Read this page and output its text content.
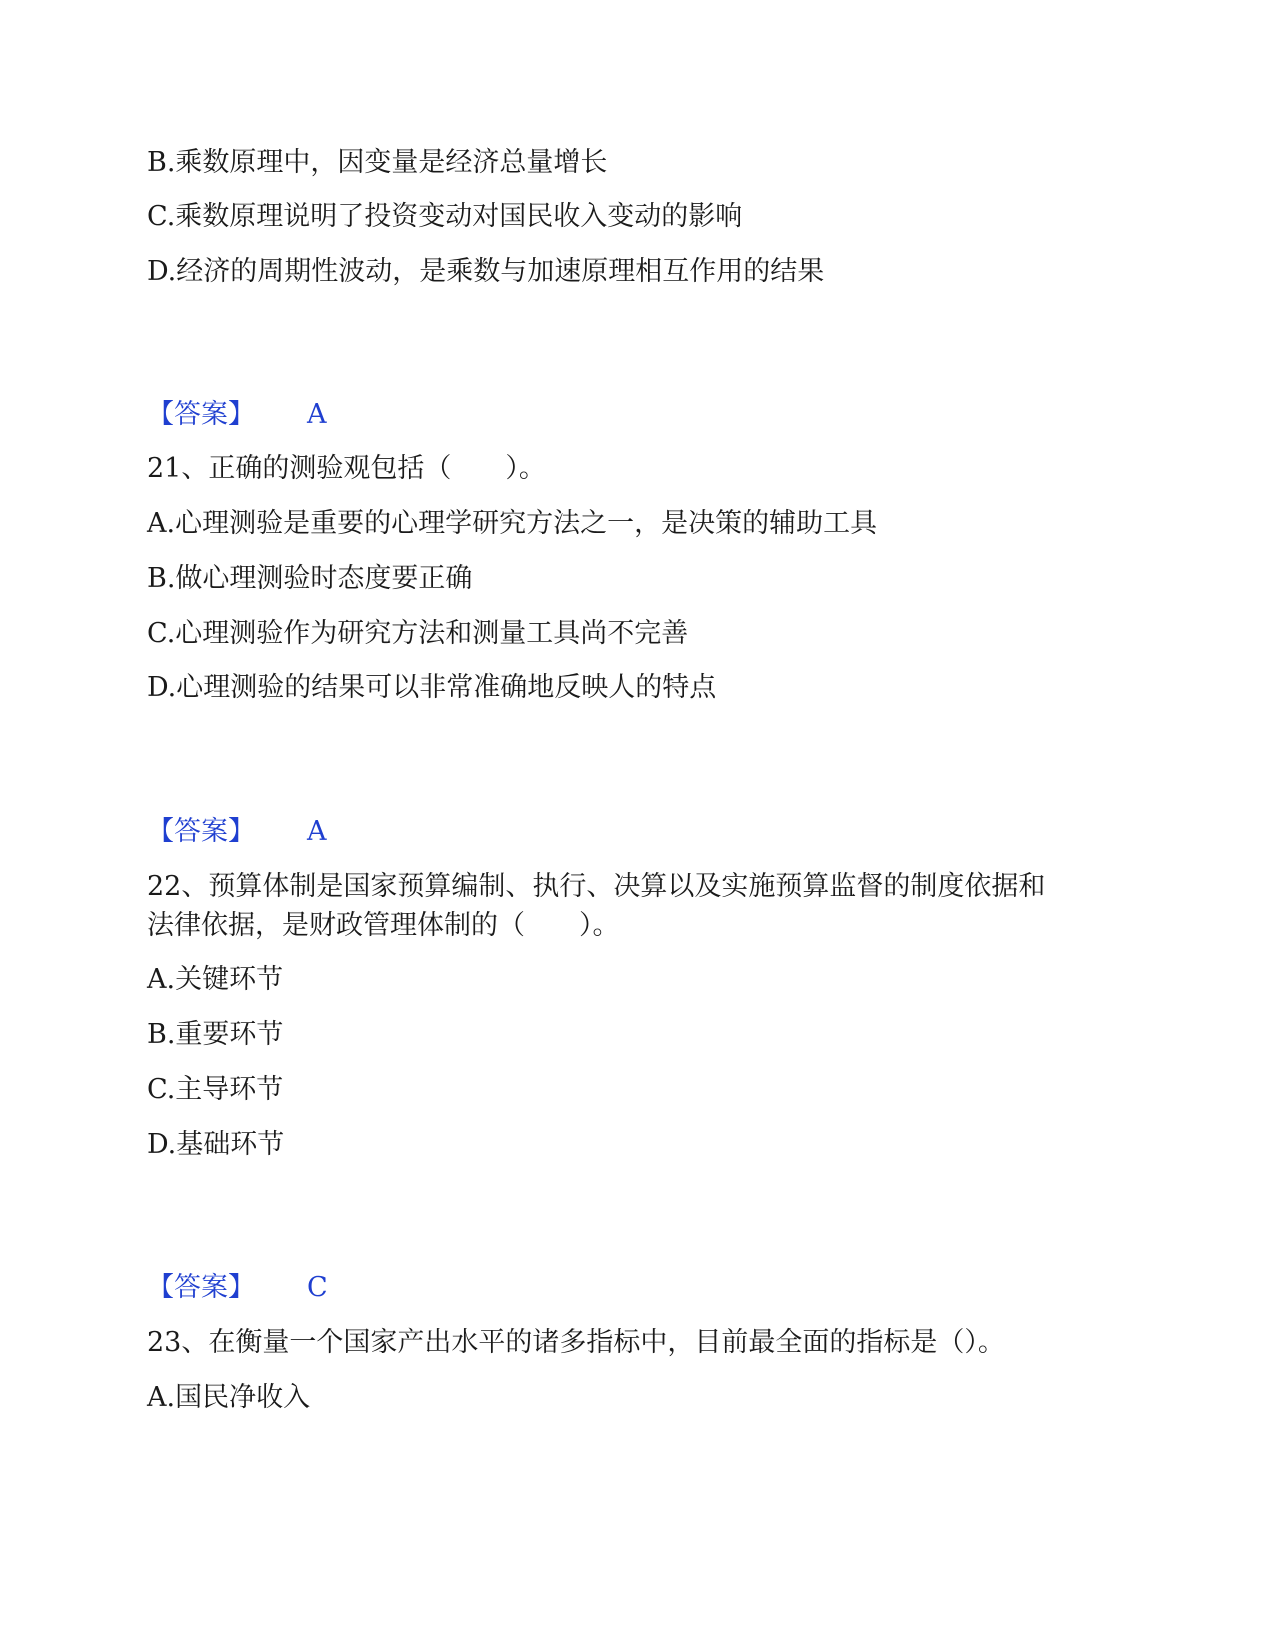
B.乘数原理中，因变量是经济总量增长
C.乘数原理说明了投资变动对国民收入变动的影响
D.经济的周期性波动，是乘数与加速原理相互作用的结果
【答案】 A
21、正确的测验观包括（　　）。
A.心理测验是重要的心理学研究方法之一，是决策的辅助工具
B.做心理测验时态度要正确
C.心理测验作为研究方法和测量工具尚不完善
D.心理测验的结果可以非常准确地反映人的特点
【答案】 A
22、预算体制是国家预算编制、执行、决算以及实施预算监督的制度依据和
法律依据，是财政管理体制的（　　）。
A.关键环节
B.重要环节
C.主导环节
D.基础环节
【答案】 C
23、在衡量一个国家产出水平的诸多指标中，目前最全面的指标是（）。
A.国民净收入
